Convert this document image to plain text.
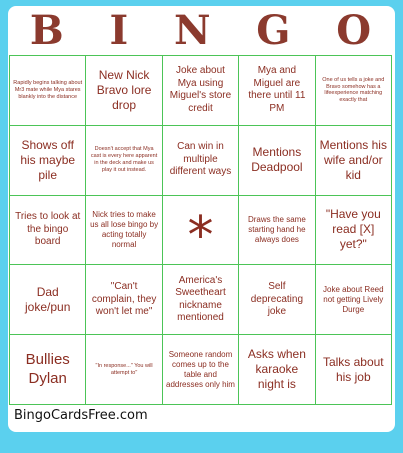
B I N G O
Rapidly begins talking about Mr3 mate while Mya stares blankly into the distance
New Nick Bravo lore drop
Joke about Mya using Miguel's store credit
Mya and Miguel are there until 11 PM
One of us tells a joke and Bravo somehow has a lifeexperience matching exactly that
Shows off his maybe pile
Doesn't accept that Mya cast is every here apparent in the deck and make us play it out instead.
Can win in multiple different ways
Mentions Deadpool
Mentions his wife and/or kid
Tries to look at the bingo board
Nick tries to make us all lose bingo by acting totally normal *	Draws the same starting hand he always does
"Have you read [X] yet?"
Dad joke/pun
"Can't complain, they won't let me"
America's Sweetheart nickname mentioned
Self deprecating joke
Joke about Reed not getting Lively Durge
Bullies Dylan
"In response..." You will attempt to"
Someone random comes up to the table and addresses only him
Asks when karaoke night is
Talks about his job
BingoCardsFree.com
